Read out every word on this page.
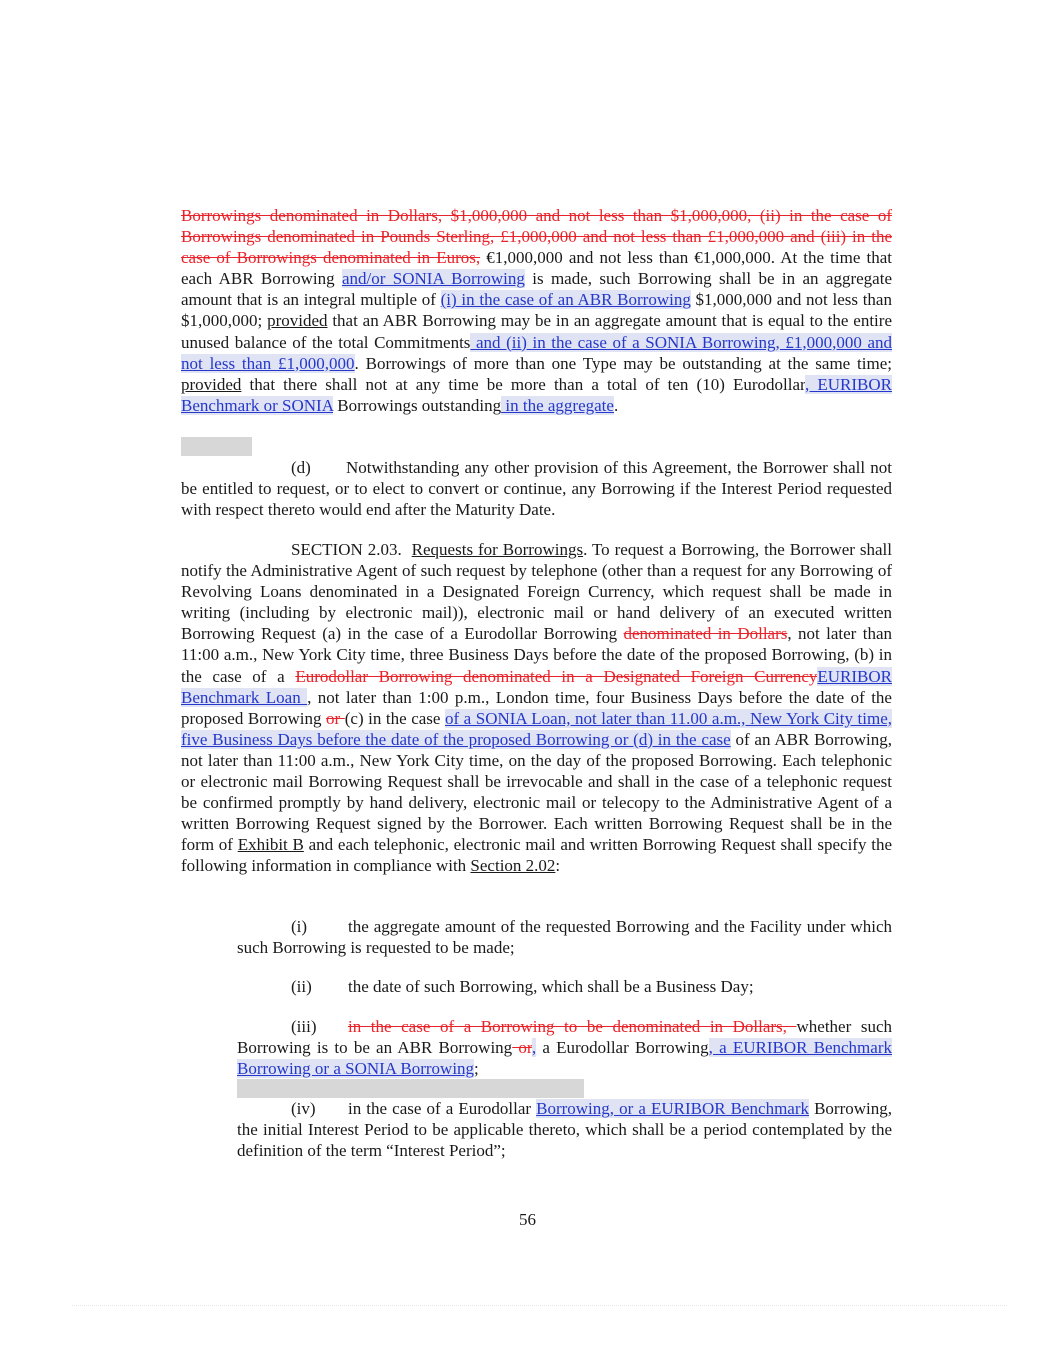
Borrowings denominated in Dollars, $1,000,000 and not less than $1,000,000, (ii) in the case of Borrowings denominated in Pounds Sterling, £1,000,000 and not less than £1,000,000 and (iii) in the case of Borrowings denominated in Euros, €1,000,000 and not less than €1,000,000. At the time that each ABR Borrowing and/or SONIA Borrowing is made, such Borrowing shall be in an aggregate amount that is an integral multiple of (i) in the case of an ABR Borrowing $1,000,000 and not less than $1,000,000; provided that an ABR Borrowing may be in an aggregate amount that is equal to the entire unused balance of the total Commitments and (ii) in the case of a SONIA Borrowing, £1,000,000 and not less than £1,000,000. Borrowings of more than one Type may be outstanding at the same time; provided that there shall not at any time be more than a total of ten (10) Eurodollar, EURIBOR Benchmark or SONIA Borrowings outstanding in the aggregate.
(d) Notwithstanding any other provision of this Agreement, the Borrower shall not be entitled to request, or to elect to convert or continue, any Borrowing if the Interest Period requested with respect thereto would end after the Maturity Date.
SECTION 2.03. Requests for Borrowings. To request a Borrowing, the Borrower shall notify the Administrative Agent of such request by telephone (other than a request for any Borrowing of Revolving Loans denominated in a Designated Foreign Currency, which request shall be made in writing (including by electronic mail)), electronic mail or hand delivery of an executed written Borrowing Request (a) in the case of a Eurodollar Borrowing denominated in Dollars, not later than 11:00 a.m., New York City time, three Business Days before the date of the proposed Borrowing, (b) in the case of a Eurodollar Borrowing denominated in a Designated Foreign CurrencyEURIBOR Benchmark Loan , not later than 1:00 p.m., London time, four Business Days before the date of the proposed Borrowing or (c) in the case of a SONIA Loan, not later than 11.00 a.m., New York City time, five Business Days before the date of the proposed Borrowing or (d) in the case of an ABR Borrowing, not later than 11:00 a.m., New York City time, on the day of the proposed Borrowing. Each telephonic or electronic mail Borrowing Request shall be irrevocable and shall in the case of a telephonic request be confirmed promptly by hand delivery, electronic mail or telecopy to the Administrative Agent of a written Borrowing Request signed by the Borrower. Each written Borrowing Request shall be in the form of Exhibit B and each telephonic, electronic mail and written Borrowing Request shall specify the following information in compliance with Section 2.02:
(i) the aggregate amount of the requested Borrowing and the Facility under which such Borrowing is requested to be made;
(ii) the date of such Borrowing, which shall be a Business Day;
(iii) in the case of a Borrowing to be denominated in Dollars, whether such Borrowing is to be an ABR Borrowing or, a Eurodollar Borrowing, a EURIBOR Benchmark Borrowing or a SONIA Borrowing;
(iv) in the case of a Eurodollar Borrowing, or a EURIBOR Benchmark Borrowing, the initial Interest Period to be applicable thereto, which shall be a period contemplated by the definition of the term “Interest Period”;
56
